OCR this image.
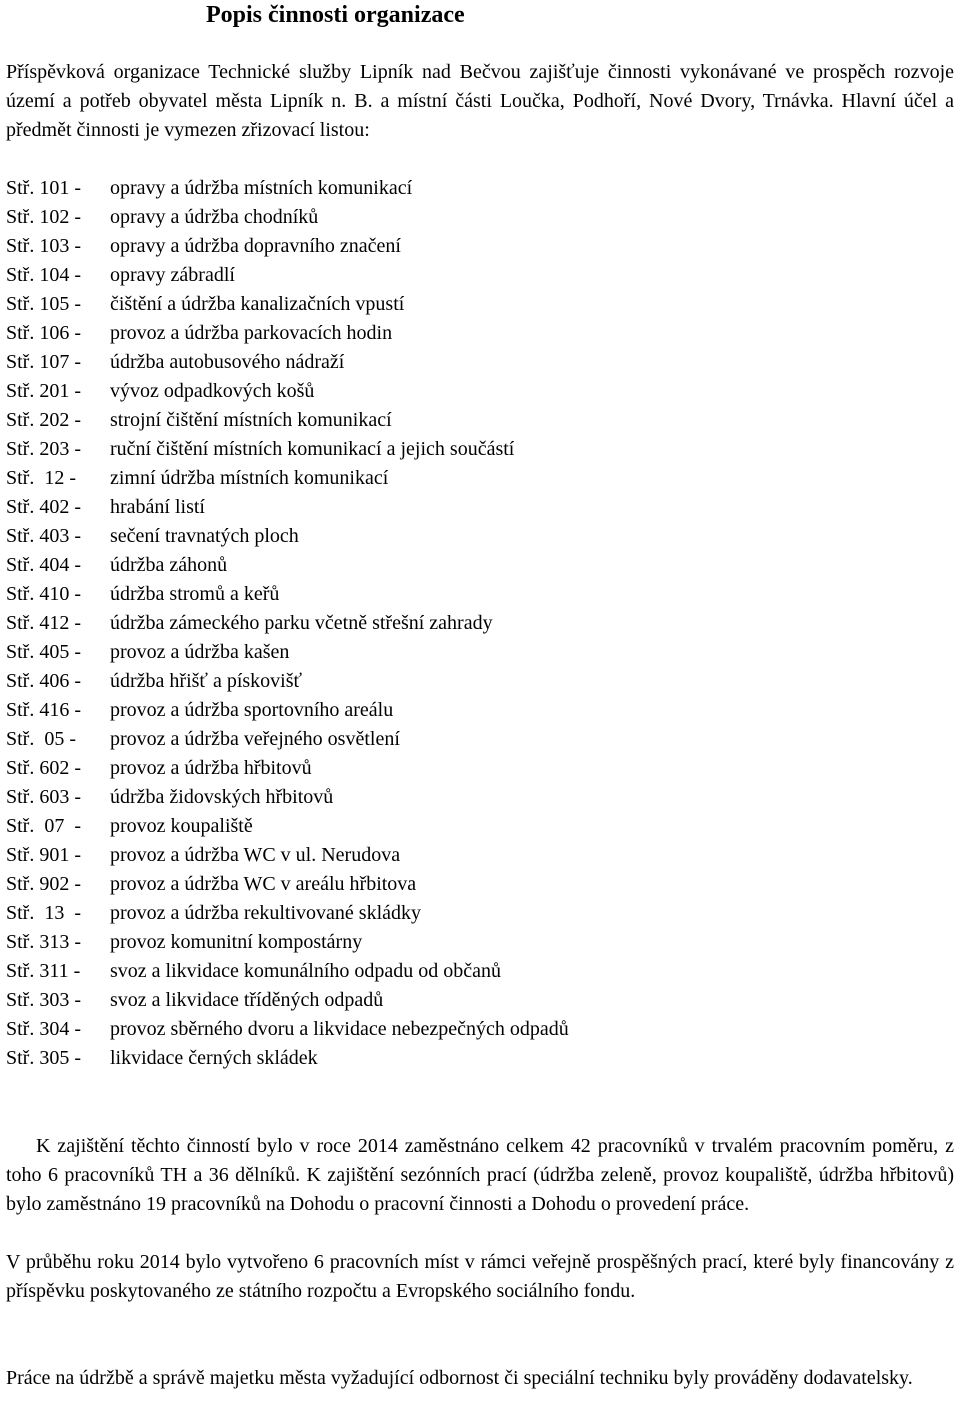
Popis činnosti organizace
Příspěvková organizace Technické služby Lipník nad Bečvou zajišťuje činnosti vykonávané ve prospěch rozvoje území a potřeb obyvatel města Lipník n. B. a místní části Loučka, Podhoří, Nové Dvory, Trnávka. Hlavní účel a předmět činnosti je vymezen zřizovací listou:
Stř. 101 - opravy a údržba místních komunikací
Stř. 102 - opravy a údržba chodníků
Stř. 103 - opravy a údržba dopravního značení
Stř. 104 - opravy zábradlí
Stř. 105 - čištění a údržba kanalizačních vpustí
Stř. 106 - provoz a údržba parkovacích hodin
Stř. 107 - údržba autobusového nádraží
Stř. 201 - vývoz odpadkových košů
Stř. 202 - strojní čištění místních komunikací
Stř. 203 - ruční čištění místních komunikací a jejich součástí
Stř.  12 - zimní údržba místních komunikací
Stř. 402 - hrabání listí
Stř. 403 - sečení travnatých ploch
Stř. 404 - údržba záhonů
Stř. 410 - údržba stromů a keřů
Stř. 412 - údržba zámeckého parku včetně střešní zahrady
Stř. 405 - provoz a údržba kašen
Stř. 406 - údržba hřišť a pískovišť
Stř. 416 - provoz a údržba sportovního areálu
Stř.  05 - provoz a údržba veřejného osvětlení
Stř. 602 - provoz a údržba hřbitovů
Stř. 603 - údržba židovských hřbitovů
Stř.  07  - provoz koupaliště
Stř. 901 - provoz a údržba WC v ul. Nerudova
Stř. 902 - provoz a údržba WC v areálu hřbitova
Stř.  13  - provoz a údržba rekultivované skládky
Stř. 313 - provoz komunitní kompostárny
Stř. 311 - svoz a likvidace komunálního odpadu od občanů
Stř. 303 - svoz a likvidace tříděných odpadů
Stř. 304 - provoz sběrného dvoru a likvidace nebezpečných odpadů
Stř. 305 - likvidace černých skládek

K zajištění těchto činností bylo v roce 2014 zaměstnáno celkem 42 pracovníků v trvalém pracovním poměru, z toho 6 pracovníků TH a 36 dělníků. K zajištění sezónních prací (údržba zeleně, provoz koupaliště, údržba hřbitovů) bylo zaměstnáno 19 pracovníků na Dohodu o pracovní činnosti a Dohodu o provedení práce.

V průběhu roku 2014 bylo vytvořeno 6 pracovních míst v rámci veřejně prospěšných prací, které byly financovány z příspěvku poskytovaného ze státního rozpočtu a Evropského sociálního fondu.

Práce na údržbě a správě majetku města vyžadující odbornost či speciální techniku byly prováděny dodavatelsky.
